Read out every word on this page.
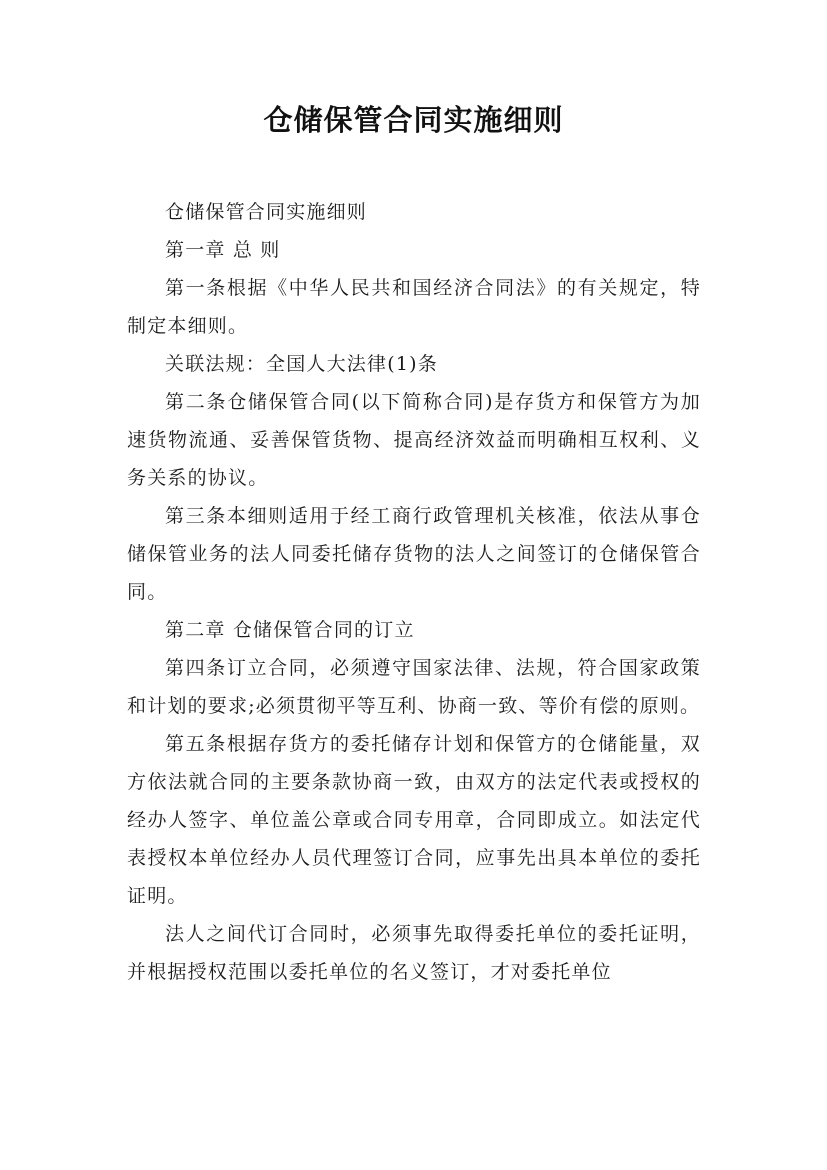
仓储保管合同实施细则

仓储保管合同实施细则

第一章 总 则

第一条根据《中华人民共和国经济合同法》的有关规定，特制定本细则。

关联法规：全国人大法律(1)条

第二条仓储保管合同(以下简称合同)是存货方和保管方为加速货物流通、妥善保管货物、提高经济效益而明确相互权利、义务关系的协议。

第三条本细则适用于经工商行政管理机关核准，依法从事仓储保管业务的法人同委托储存货物的法人之间签订的仓储保管合同。

第二章 仓储保管合同的订立

第四条订立合同，必须遵守国家法律、法规，符合国家政策和计划的要求;必须贯彻平等互利、协商一致、等价有偿的原则。

第五条根据存货方的委托储存计划和保管方的仓储能量，双方依法就合同的主要条款协商一致，由双方的法定代表或授权的经办人签字、单位盖公章或合同专用章，合同即成立。如法定代表授权本单位经办人员代理签订合同，应事先出具本单位的委托证明。

法人之间代订合同时，必须事先取得委托单位的委托证明，并根据授权范围以委托单位的名义签订，才对委托单位
